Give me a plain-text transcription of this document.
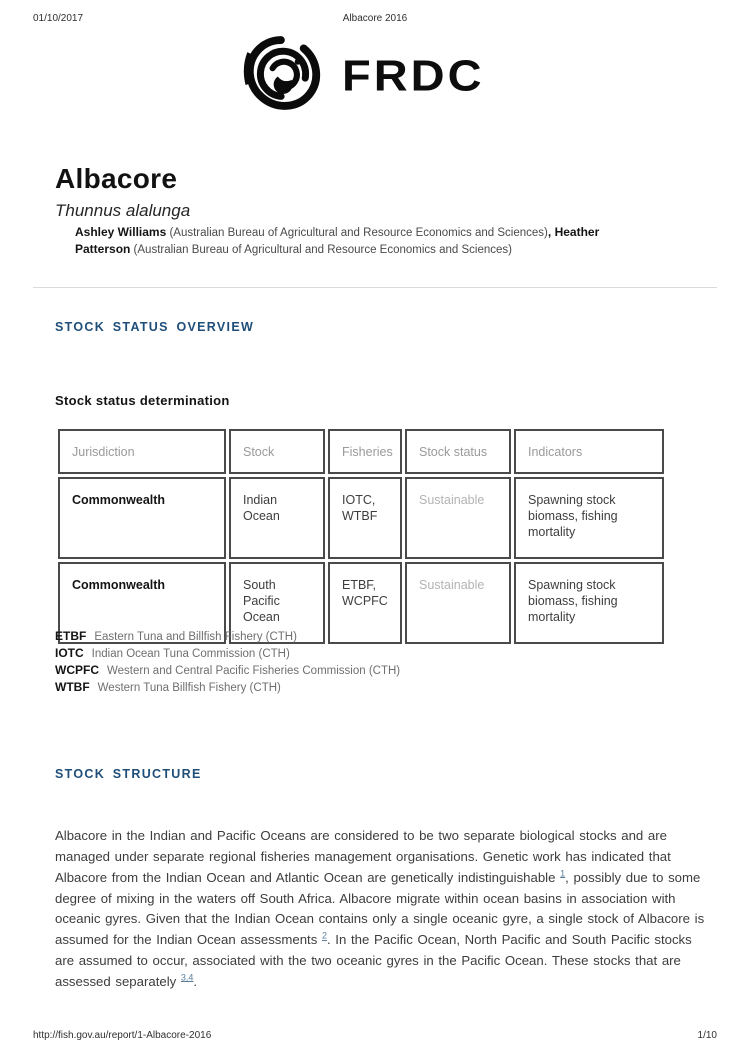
01/10/2017	Albacore 2016
FRDC
Albacore
Thunnus alalunga
Ashley Williams (Australian Bureau of Agricultural and Resource Economics and Sciences), Heather Patterson (Australian Bureau of Agricultural and Resource Economics and Sciences)
STOCK STATUS OVERVIEW
Stock status determination
Jurisdiction	Stock	Fisheries	Stock status	Indicators
Commonwealth	Indian Ocean	IOTC, WTBF	Sustainable	Spawning stock biomass, fishing mortality
Commonwealth	South Pacific Ocean	ETBF, WCPFC	Sustainable	Spawning stock biomass, fishing mortality
ETBF Eastern Tuna and Billfish Fishery (CTH)
IOTC Indian Ocean Tuna Commission (CTH)
WCPFC Western and Central Pacific Fisheries Commission (CTH)
WTBF Western Tuna Billfish Fishery (CTH)
STOCK STRUCTURE

Albacore in the Indian and Pacific Oceans are considered to be two separate biological stocks and are managed under separate regional fisheries management organisations. Genetic work has indicated that Albacore from the Indian Ocean and Atlantic Ocean are genetically indistinguishable $^1$, possibly due to some degree of mixing in the waters off South Africa. Albacore migrate within ocean basins in association with oceanic gyres. Given that the Indian Ocean contains only a single oceanic gyre, a single stock of Albacore is assumed for the Indian Ocean assessments $^2$. In the Pacific Ocean, North Pacific and South Pacific stocks are assumed to occur, associated with the two oceanic gyres in the Pacific Ocean. These stocks that are assessed separately $^{3,4}$.

http://fish.gov.au/report/1-Albacore-2016	1/10
